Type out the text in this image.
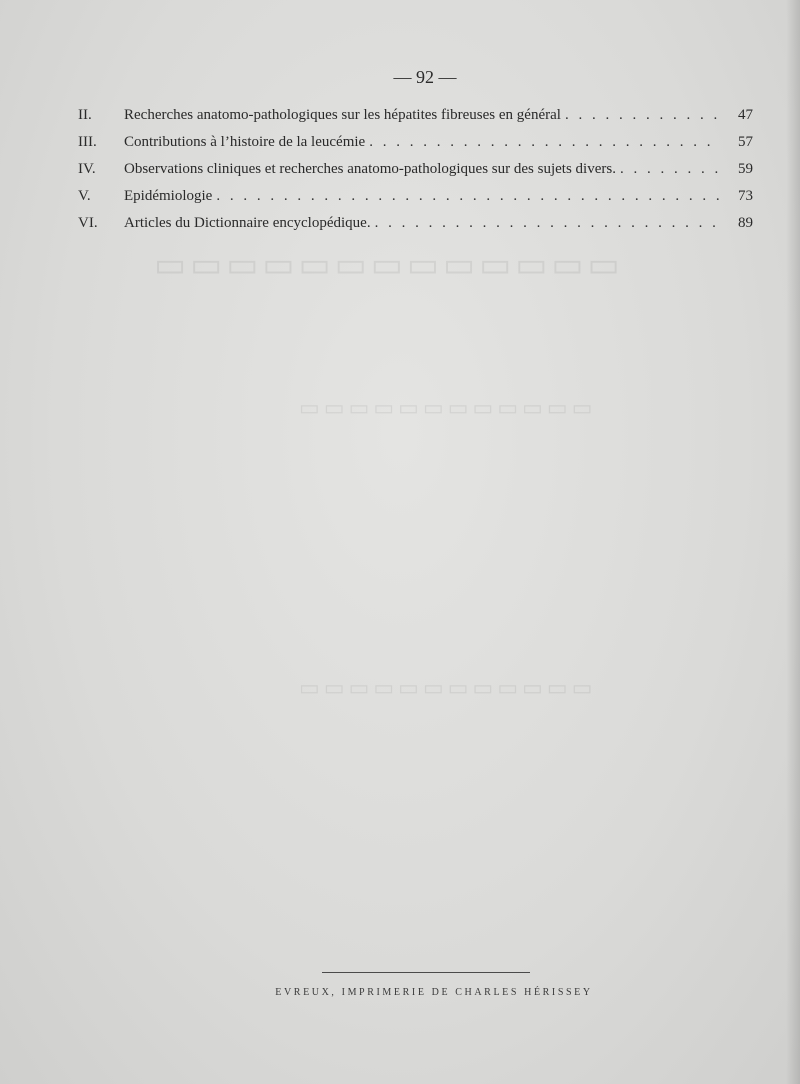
▭▭▭▭▭▭▭▭▭▭▭▭▭
▭▭▭▭▭▭▭▭▭▭▭▭
▭▭▭▭▭▭▭▭▭▭▭▭
— 92 —
II.	Recherches anatomo-pathologiques sur les hépatites fibreuses en général . . .	47
III.	Contributions à l’histoire de la leucémie . . .	57
IV.	Observations cliniques et recherches anatomo-pathologiques sur des sujets divers. . . .	59
V.	Epidémiologie . . .	73
VI.	Articles du Dictionnaire encyclopédique. . . .	89
EVREUX, IMPRIMERIE DE CHARLES HÉRISSEY
